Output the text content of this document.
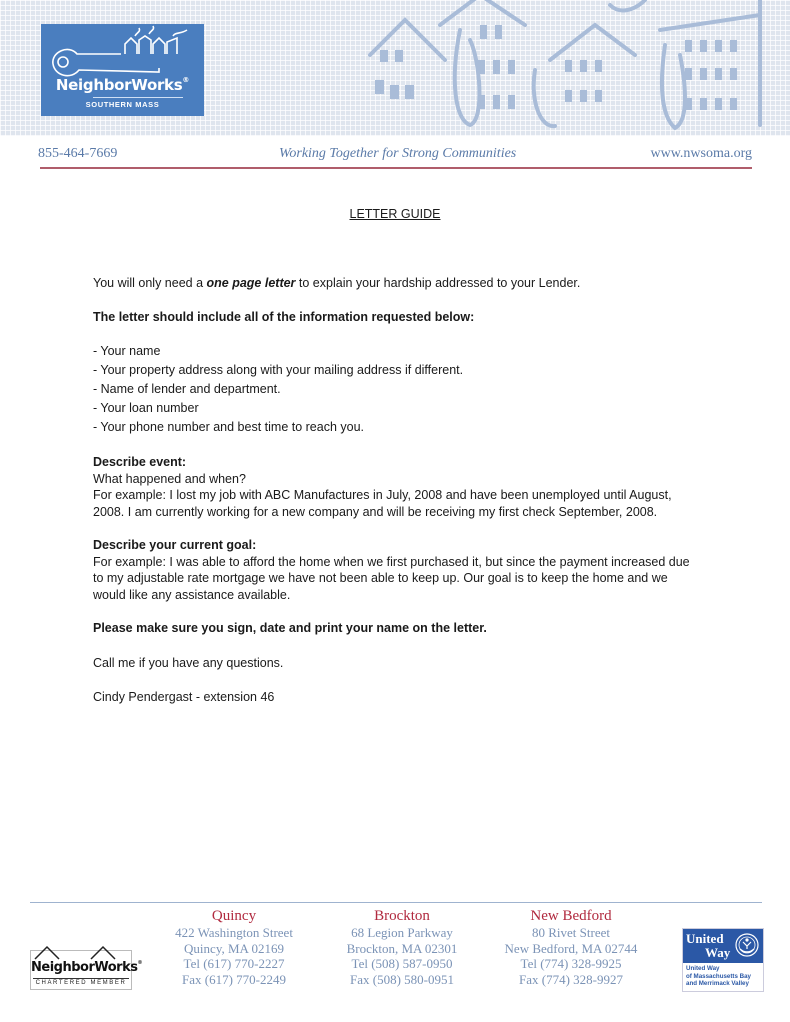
NeighborWorks®
SOUTHERN MASS
855-464-7669	Working Together for Strong Communities	www.nwsoma.org
LETTER GUIDE

You will only need a one page letter to explain your hardship addressed to your Lender.

The letter should include all of the information requested below:

- Your name

- Your property address along with your mailing address if different.

- Name of lender and department.

- Your loan number

- Your phone number and best time to reach you.

Describe event:

What happened and when?

For example: I lost my job with ABC Manufactures in July, 2008 and have been unemployed until August, 2008. I am currently working for a new company and will be receiving my first check September, 2008.

Describe your current goal:

For example: I was able to afford the home when we first purchased it, but since the payment increased due to my adjustable rate mortgage we have not been able to keep up. Our goal is to keep the home and we would like any assistance available.

Please make sure you sign, date and print your name on the letter.

Call me if you have any questions.

Cindy Pendergast - extension 46

NeighborWorks®
CHARTERED MEMBER
Quincy
422 Washington Street
Quincy, MA 02169
Tel (617) 770-2227
Fax (617) 770-2249
Brockton
68 Legion Parkway
Brockton, MA 02301
Tel (508) 587-0950
Fax (508) 580-0951
New Bedford
80 Rivet Street
New Bedford, MA 02744
Tel (774) 328-9925
Fax (774) 328-9927
United
Way
United Way
of Massachusetts Bay
and Merrimack Valley
